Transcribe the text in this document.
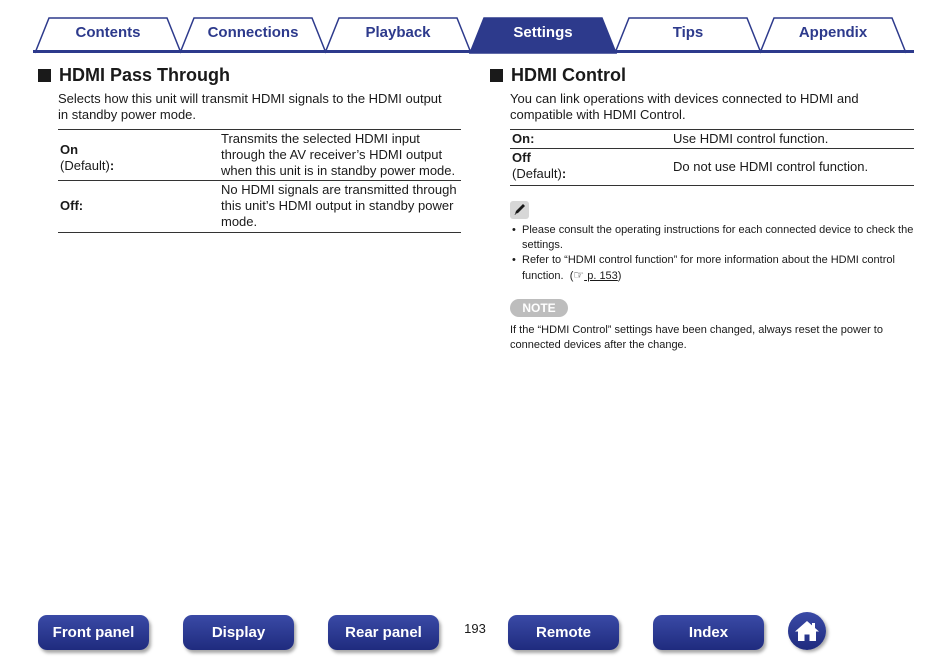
Contents	Connections	Playback	Settings	Tips	Appendix
HDMI Pass Through

Selects how this unit will transmit HDMI signals to the HDMI output in standby power mode.

On
(Default):	Transmits the selected HDMI input through the AV receiver’s HDMI output when this unit is in standby power mode.
Off:	No HDMI signals are transmitted through this unit’s HDMI output in standby power mode.
HDMI Control

You can link operations with devices connected to HDMI and compatible with HDMI Control.

On:	Use HDMI control function.
Off
(Default):	Do not use HDMI control function.
• Please consult the operating instructions for each connected device to check the settings.
• Refer to “HDMI control function” for more information about the HDMI control function. (☞ p. 153)
NOTE

If the “HDMI Control” settings have been changed, always reset the power to connected devices after the change.

Front panel	Display	Rear panel	193	Remote	Index
